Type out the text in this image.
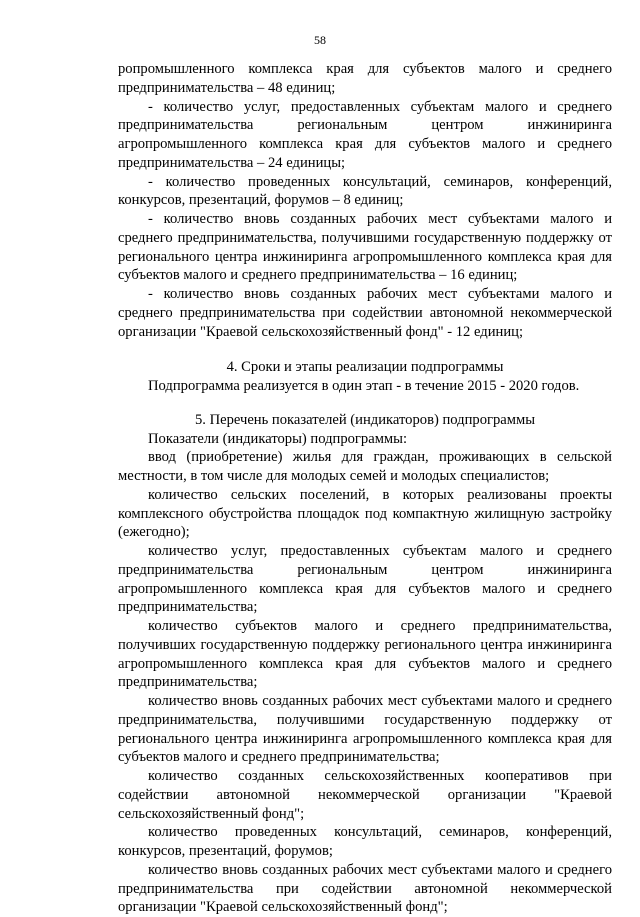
58

ропромышленного комплекса края для субъектов малого и среднего предпринимательства – 48 единиц;

- количество услуг, предоставленных субъектам малого и среднего предпринимательства региональным центром инжиниринга агропромышленного комплекса края для субъектов малого и среднего предпринимательства – 24 единицы;

- количество проведенных консультаций, семинаров, конференций, конкурсов, презентаций, форумов – 8 единиц;

- количество вновь созданных рабочих мест субъектами малого и среднего предпринимательства, получившими государственную поддержку от регионального центра инжиниринга агропромышленного комплекса края для субъектов малого и среднего предпринимательства – 16 единиц;

- количество вновь созданных рабочих мест субъектами малого и среднего предпринимательства при содействии автономной некоммерческой организации "Краевой сельскохозяйственный фонд" - 12 единиц;

4. Сроки и этапы реализации подпрограммы

Подпрограмма реализуется в один этап - в течение 2015 - 2020 годов.

5. Перечень показателей (индикаторов) подпрограммы

Показатели (индикаторы) подпрограммы:

ввод (приобретение) жилья для граждан, проживающих в сельской местности, в том числе для молодых семей и молодых специалистов;

количество сельских поселений, в которых реализованы проекты комплексного обустройства площадок под компактную жилищную застройку (ежегодно);

количество услуг, предоставленных субъектам малого и среднего предпринимательства региональным центром инжиниринга агропромышленного комплекса края для субъектов малого и среднего предпринимательства;

количество субъектов малого и среднего предпринимательства, получивших государственную поддержку регионального центра инжиниринга агропромышленного комплекса края для субъектов малого и среднего предпринимательства;

количество вновь созданных рабочих мест субъектами малого и среднего предпринимательства, получившими государственную поддержку от регионального центра инжиниринга агропромышленного комплекса края для субъектов малого и среднего предпринимательства;

количество созданных сельскохозяйственных кооперативов при содействии автономной некоммерческой организации "Краевой сельскохозяйственный фонд";

количество проведенных консультаций, семинаров, конференций, конкурсов, презентаций, форумов;

количество вновь созданных рабочих мест субъектами малого и среднего предпринимательства при содействии автономной некоммерческой организации "Краевой сельскохозяйственный фонд";
